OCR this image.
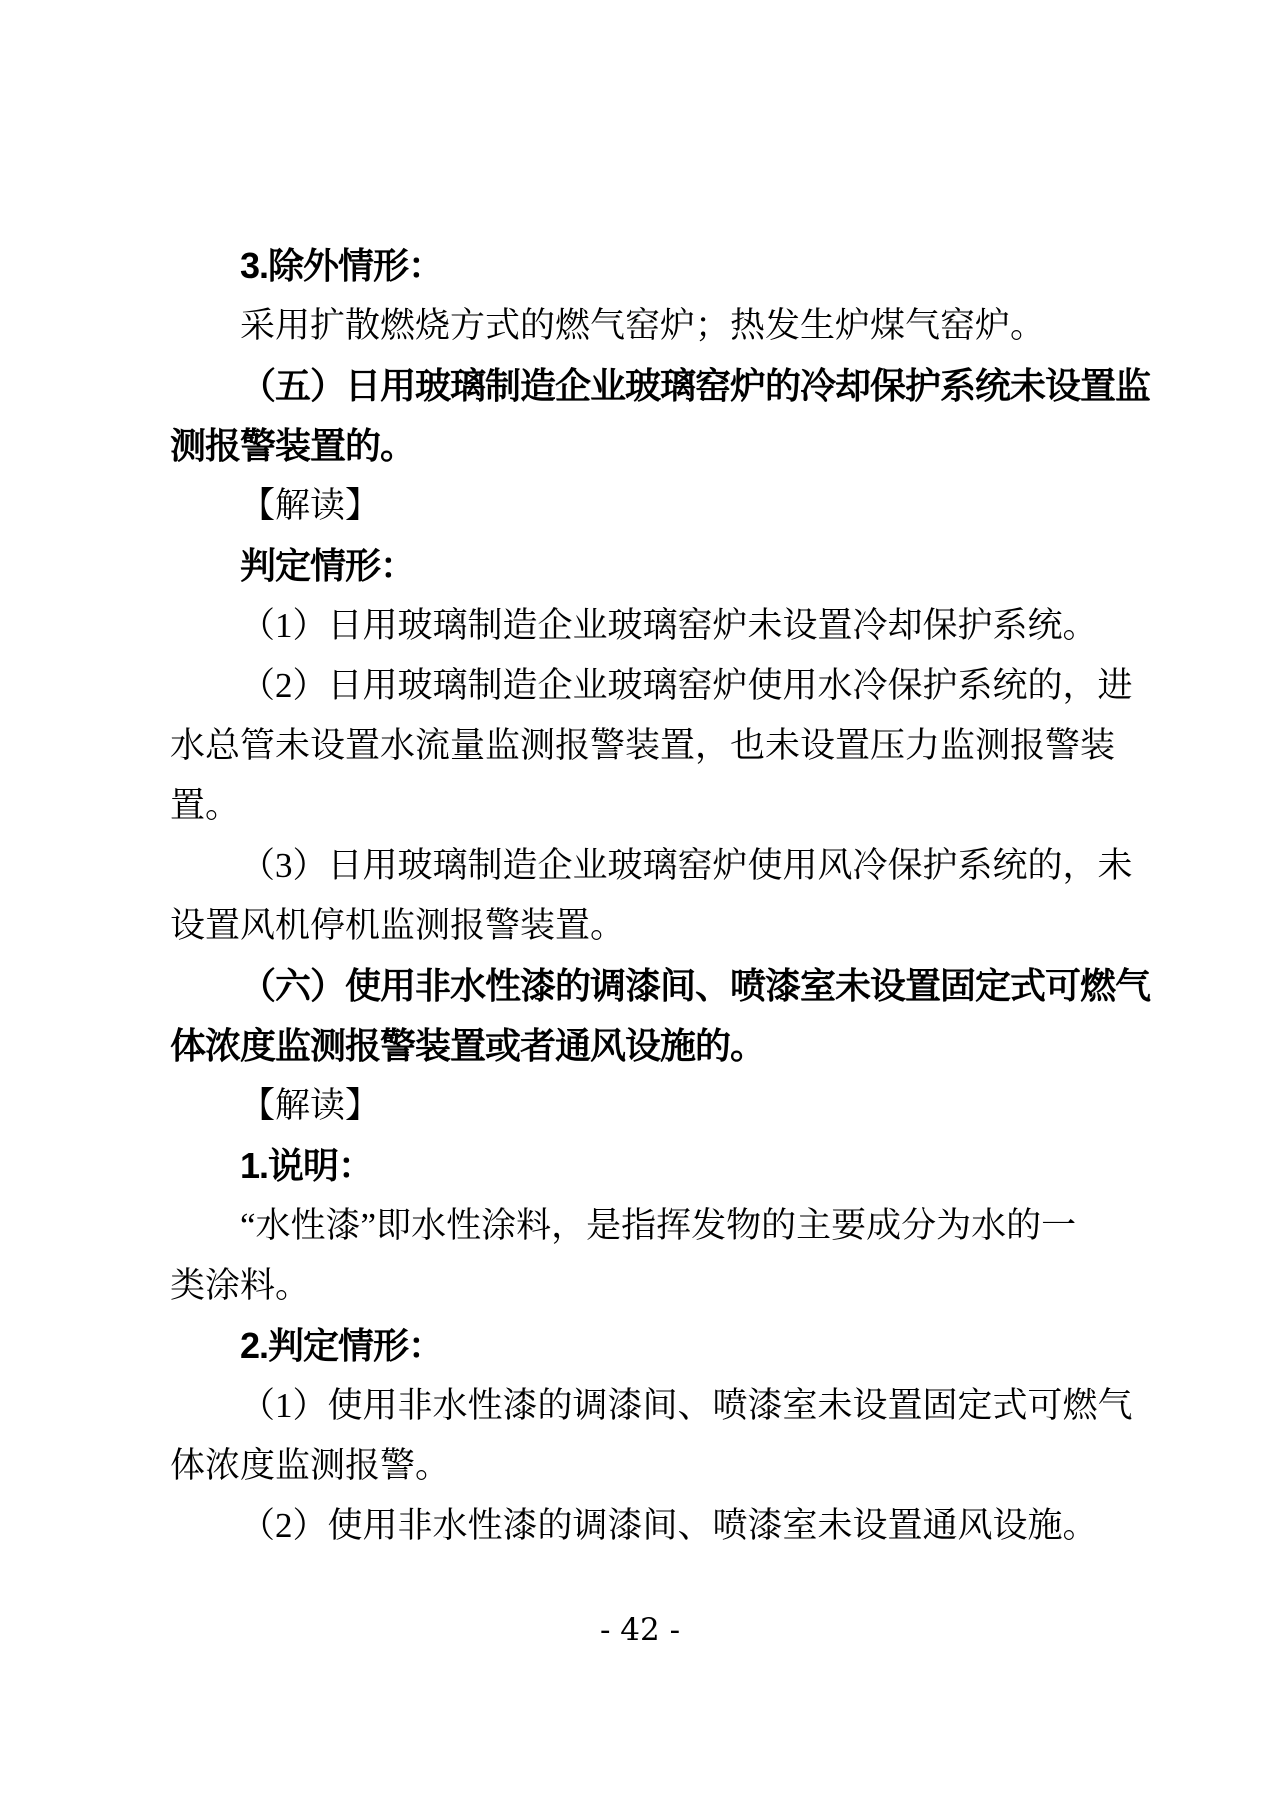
3.除外情形：
采用扩散燃烧方式的燃气窑炉；热发生炉煤气窑炉。
（五）日用玻璃制造企业玻璃窑炉的冷却保护系统未设置监
测报警装置的。
【解读】
判定情形：
（1）日用玻璃制造企业玻璃窑炉未设置冷却保护系统。
（2）日用玻璃制造企业玻璃窑炉使用水冷保护系统的，进
水总管未设置水流量监测报警装置，也未设置压力监测报警装
置。
（3）日用玻璃制造企业玻璃窑炉使用风冷保护系统的，未
设置风机停机监测报警装置。
（六）使用非水性漆的调漆间、喷漆室未设置固定式可燃气
体浓度监测报警装置或者通风设施的。
【解读】
1.说明：
“水性漆”即水性涂料，是指挥发物的主要成分为水的一
类涂料。
2.判定情形：
（1）使用非水性漆的调漆间、喷漆室未设置固定式可燃气
体浓度监测报警。
（2）使用非水性漆的调漆间、喷漆室未设置通风设施。
- 42 -
